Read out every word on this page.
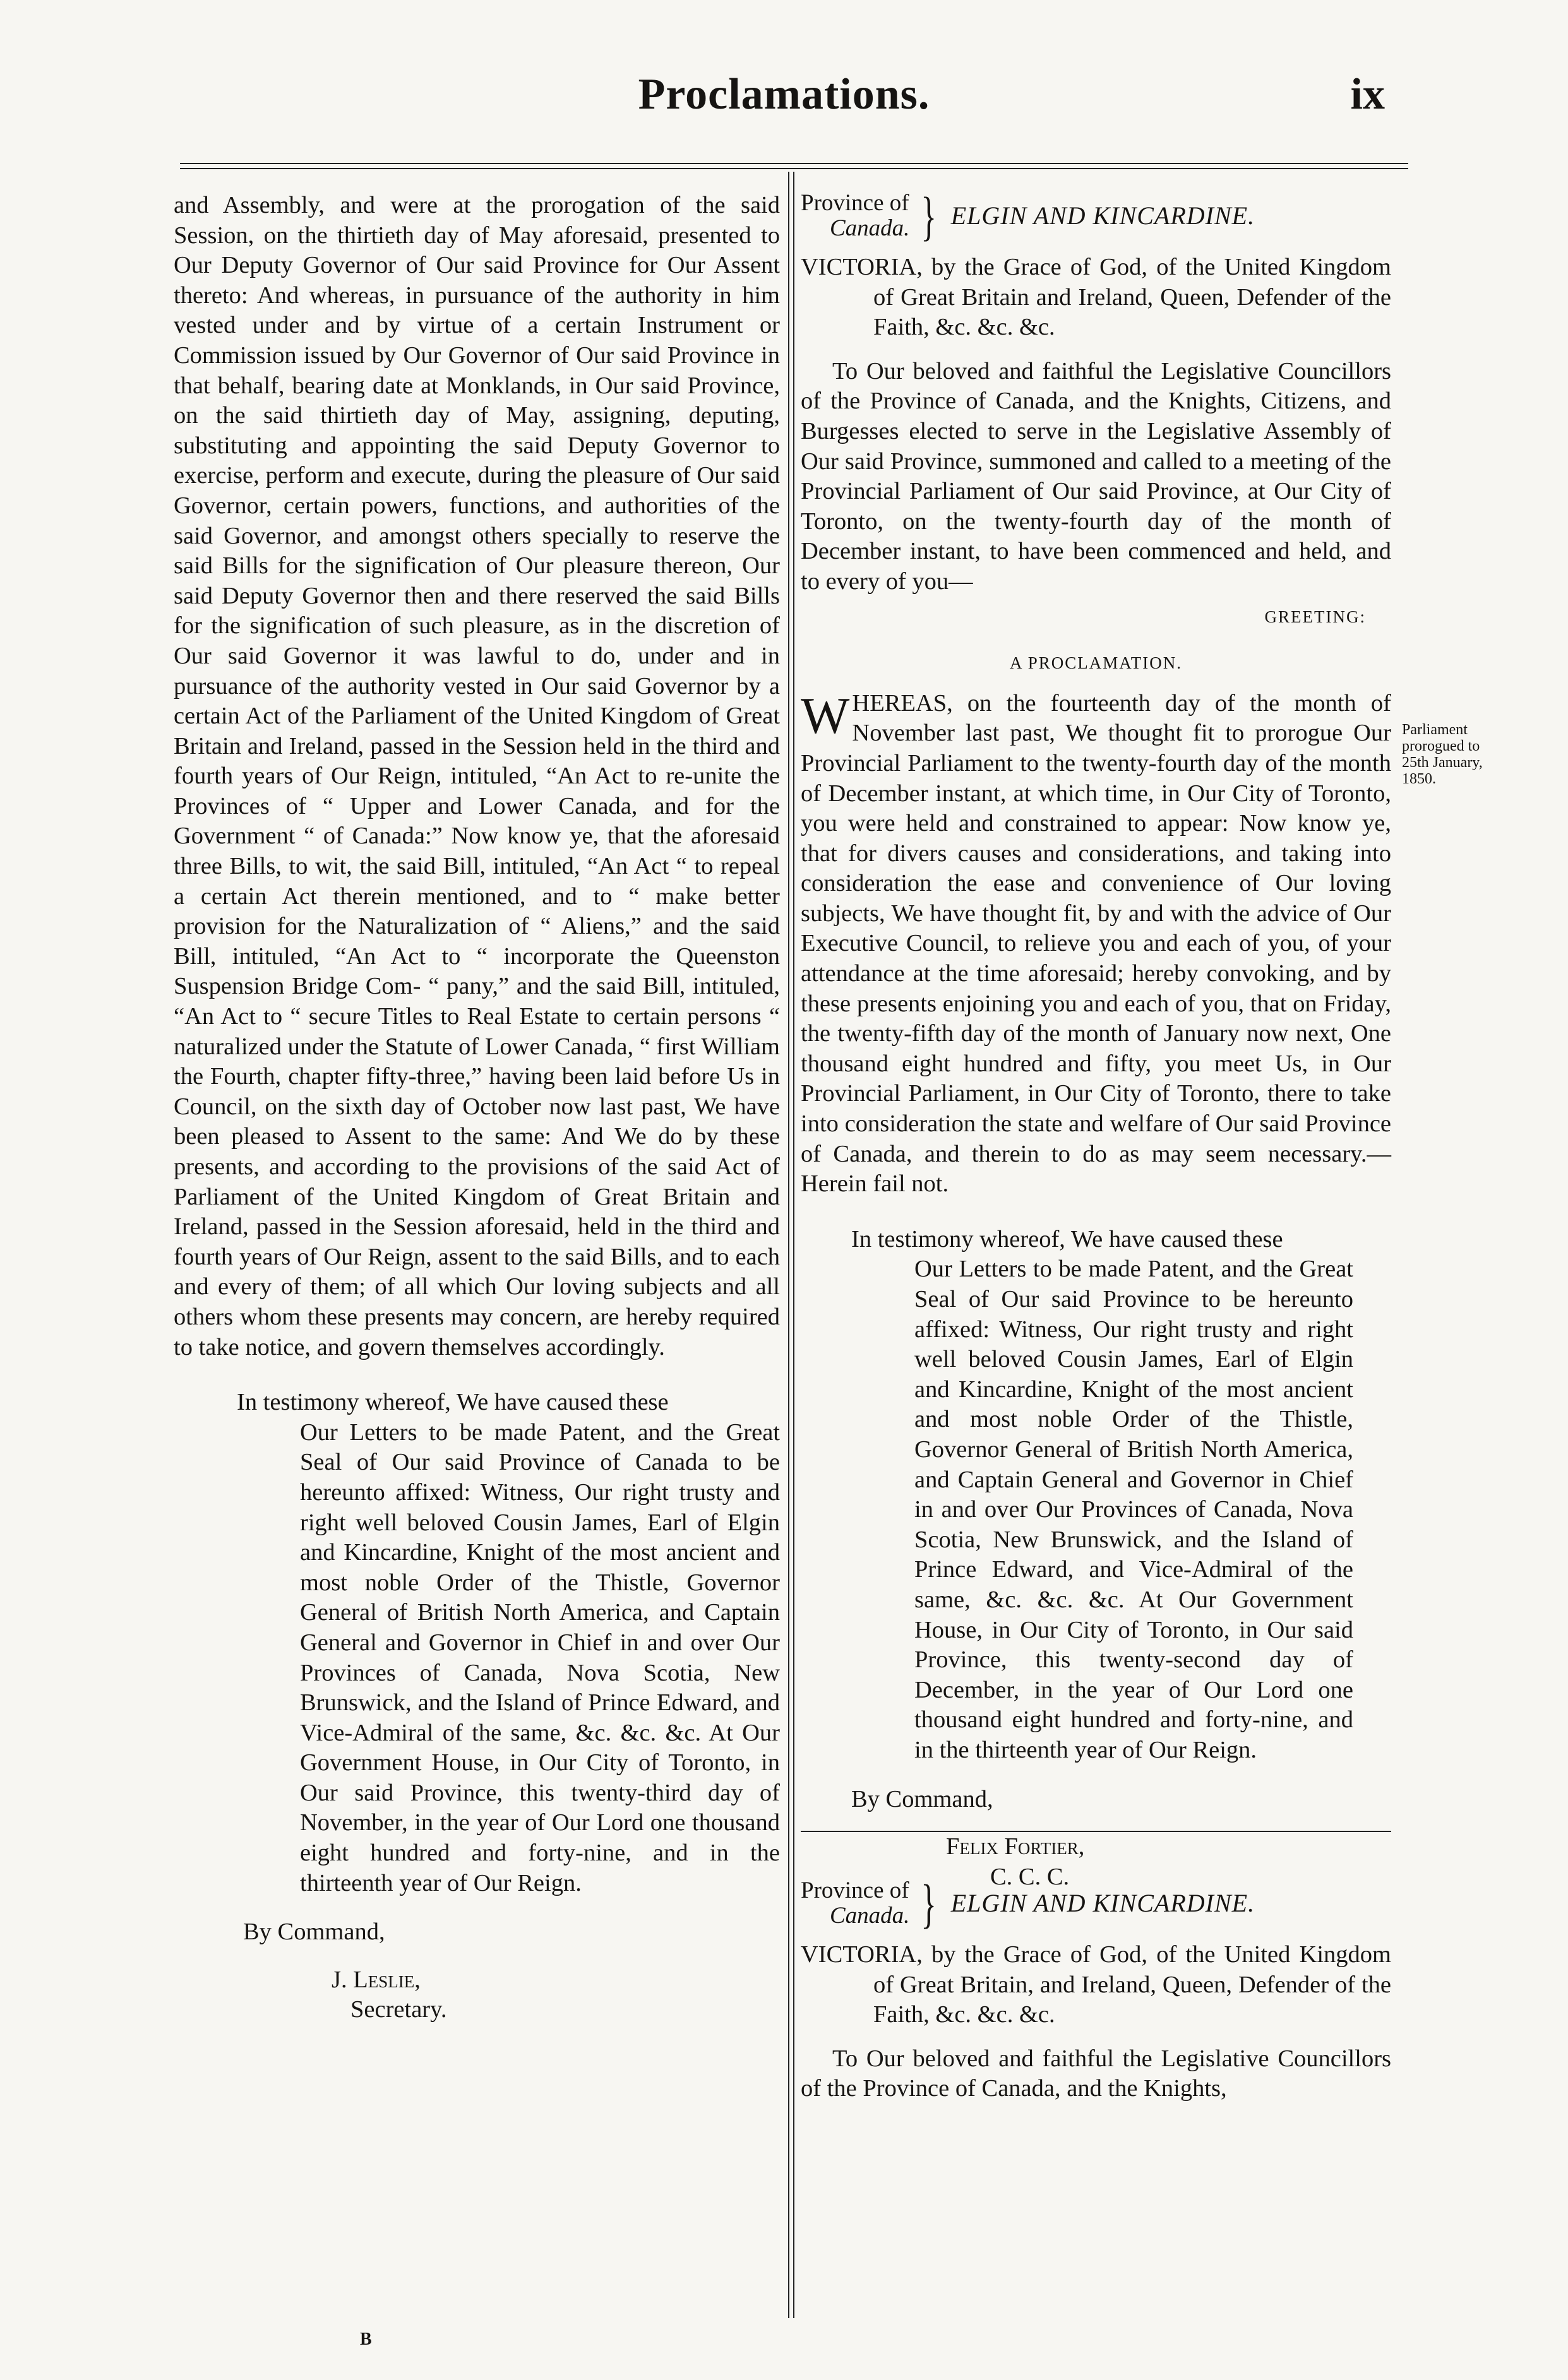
Proclamations.	ix

and Assembly, and were at the prorogation of the said Session, on the thirtieth day of May aforesaid, presented to Our Deputy Governor of Our said Province for Our Assent thereto: And whereas, in pursuance of the authority in him vested under and by virtue of a certain Instrument or Commission issued by Our Governor of Our said Province in that behalf, bearing date at Monklands, in Our said Province, on the said thirtieth day of May, assigning, deputing, substituting and appointing the said Deputy Governor to exercise, perform and execute, during the pleasure of Our said Governor, certain powers, functions, and authorities of the said Governor, and amongst others specially to reserve the said Bills for the signification of Our pleasure thereon, Our said Deputy Governor then and there reserved the said Bills for the signification of such pleasure, as in the discretion of Our said Governor it was lawful to do, under and in pursuance of the authority vested in Our said Governor by a certain Act of the Parliament of the United Kingdom of Great Britain and Ireland, passed in the Session held in the third and fourth years of Our Reign, intituled, “An Act to re-unite the Provinces of “ Upper and Lower Canada, and for the Government “ of Canada:” Now know ye, that the aforesaid three Bills, to wit, the said Bill, intituled, “An Act “ to repeal a certain Act therein mentioned, and to “ make better provision for the Naturalization of “ Aliens,” and the said Bill, intituled, “An Act to “ incorporate the Queenston Suspension Bridge Com- “ pany,” and the said Bill, intituled, “An Act to “ secure Titles to Real Estate to certain persons “ naturalized under the Statute of Lower Canada, “ first William the Fourth, chapter fifty-three,” having been laid before Us in Council, on the sixth day of October now last past, We have been pleased to Assent to the same: And We do by these presents, and according to the provisions of the said Act of Parliament of the United Kingdom of Great Britain and Ireland, passed in the Session aforesaid, held in the third and fourth years of Our Reign, assent to the said Bills, and to each and every of them; of all which Our loving subjects and all others whom these presents may concern, are hereby required to take notice, and govern themselves accordingly.

In testimony whereof, We have caused these

Our Letters to be made Patent, and the Great Seal of Our said Province of Canada to be hereunto affixed: Witness, Our right trusty and right well beloved Cousin James, Earl of Elgin and Kincardine, Knight of the most ancient and most noble Order of the Thistle, Governor General of British North America, and Captain General and Governor in Chief in and over Our Provinces of Canada, Nova Scotia, New Brunswick, and the Island of Prince Edward, and Vice-Admiral of the same, &c. &c. &c. At Our Government House, in Our City of Toronto, in Our said Province, this twenty-third day of November, in the year of Our Lord one thousand eight hundred and forty-nine, and in the thirteenth year of Our Reign.

By Command,

J. Leslie,

Secretary.

Province of
Canada. } ELGIN AND KINCARDINE.

VICTORIA, by the Grace of God, of the United Kingdom of Great Britain and Ireland, Queen, Defender of the Faith, &c. &c. &c.

To Our beloved and faithful the Legislative Councillors of the Province of Canada, and the Knights, Citizens, and Burgesses elected to serve in the Legislative Assembly of Our said Province, summoned and called to a meeting of the Provincial Parliament of Our said Province, at Our City of Toronto, on the twenty-fourth day of the month of December instant, to have been commenced and held, and to every of you—

GREETING:
A PROCLAMATION.

WHEREAS, on the fourteenth day of the month of November last past, We thought fit to prorogue Our Provincial Parliament to the twenty-fourth day of the month of December instant, at which time, in Our City of Toronto, you were held and constrained to appear: Now know ye, that for divers causes and considerations, and taking into consideration the ease and convenience of Our loving subjects, We have thought fit, by and with the advice of Our Executive Council, to relieve you and each of you, of your attendance at the time aforesaid; hereby convoking, and by these presents enjoining you and each of you, that on Friday, the twenty-fifth day of the month of January now next, One thousand eight hundred and fifty, you meet Us, in Our Provincial Parliament, in Our City of Toronto, there to take into consideration the state and welfare of Our said Province of Canada, and therein to do as may seem necessary.—Herein fail not.

In testimony whereof, We have caused these

Our Letters to be made Patent, and the Great Seal of Our said Province to be hereunto affixed: Witness, Our right trusty and right well beloved Cousin James, Earl of Elgin and Kincardine, Knight of the most ancient and most noble Order of the Thistle, Governor General of British North America, and Captain General and Governor in Chief in and over Our Provinces of Canada, Nova Scotia, New Brunswick, and the Island of Prince Edward, and Vice-Admiral of the same, &c. &c. &c. At Our Government House, in Our City of Toronto, in Our said Province, this twenty-second day of December, in the year of Our Lord one thousand eight hundred and forty-nine, and in the thirteenth year of Our Reign.

By Command,

Felix Fortier,

C. C. C.

Parliament prorogued to 25th January, 1850.
Province of
Canada. } ELGIN AND KINCARDINE.

VICTORIA, by the Grace of God, of the United Kingdom of Great Britain, and Ireland, Queen, Defender of the Faith, &c. &c. &c.

To Our beloved and faithful the Legislative Councillors of the Province of Canada, and the Knights,

B
